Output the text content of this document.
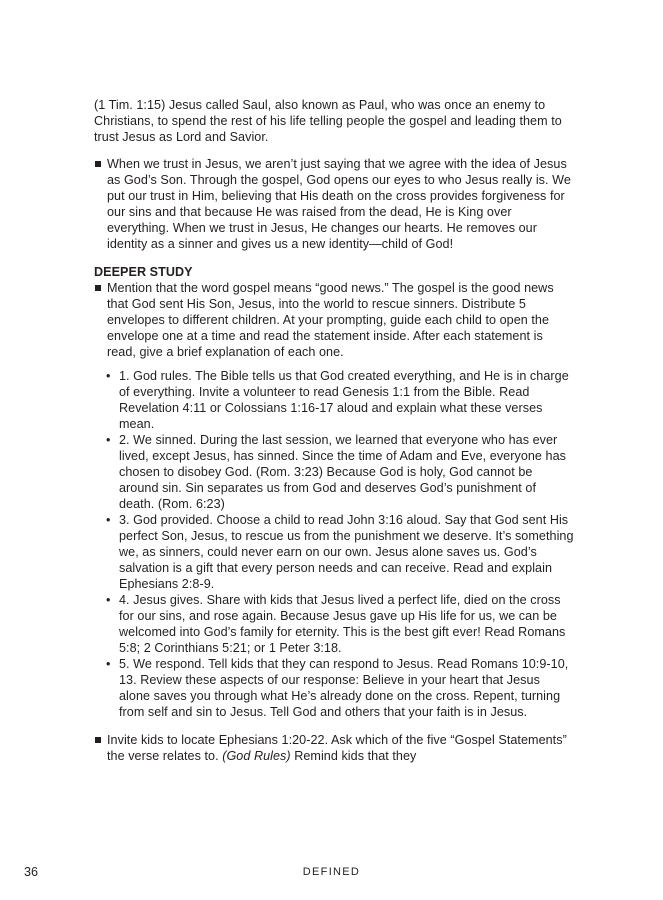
(1 Tim. 1:15) Jesus called Saul, also known as Paul, who was once an enemy to Christians, to spend the rest of his life telling people the gospel and leading them to trust Jesus as Lord and Savior.

When we trust in Jesus, we aren’t just saying that we agree with the idea of Jesus as God’s Son. Through the gospel, God opens our eyes to who Jesus really is. We put our trust in Him, believing that His death on the cross provides forgiveness for our sins and that because He was raised from the dead, He is King over everything. When we trust in Jesus, He changes our hearts. He removes our identity as a sinner and gives us a new identity—child of God!

DEEPER STUDY

Mention that the word gospel means “good news.” The gospel is the good news that God sent His Son, Jesus, into the world to rescue sinners. Distribute 5 envelopes to different children. At your prompting, guide each child to open the envelope one at a time and read the statement inside. After each statement is read, give a brief explanation of each one.
• 1. God rules. The Bible tells us that God created everything, and He is in charge of everything. Invite a volunteer to read Genesis 1:1 from the Bible. Read Revelation 4:11 or Colossians 1:16-17 aloud and explain what these verses mean.
• 2. We sinned. During the last session, we learned that everyone who has ever lived, except Jesus, has sinned. Since the time of Adam and Eve, everyone has chosen to disobey God. (Rom. 3:23) Because God is holy, God cannot be around sin. Sin separates us from God and deserves God’s punishment of death. (Rom. 6:23)
• 3. God provided. Choose a child to read John 3:16 aloud. Say that God sent His perfect Son, Jesus, to rescue us from the punishment we deserve. It’s something we, as sinners, could never earn on our own. Jesus alone saves us. God’s salvation is a gift that every person needs and can receive. Read and explain Ephesians 2:8-9.
• 4. Jesus gives. Share with kids that Jesus lived a perfect life, died on the cross for our sins, and rose again. Because Jesus gave up His life for us, we can be welcomed into God’s family for eternity. This is the best gift ever! Read Romans 5:8; 2 Corinthians 5:21; or 1 Peter 3:18.
• 5. We respond. Tell kids that they can respond to Jesus. Read Romans 10:9-10, 13. Review these aspects of our response: Believe in your heart that Jesus alone saves you through what He’s already done on the cross. Repent, turning from self and sin to Jesus. Tell God and others that your faith is in Jesus.
Invite kids to locate Ephesians 1:20-22. Ask which of the five “Gospel Statements” the verse relates to. (God Rules) Remind kids that they
36	DEFINED
